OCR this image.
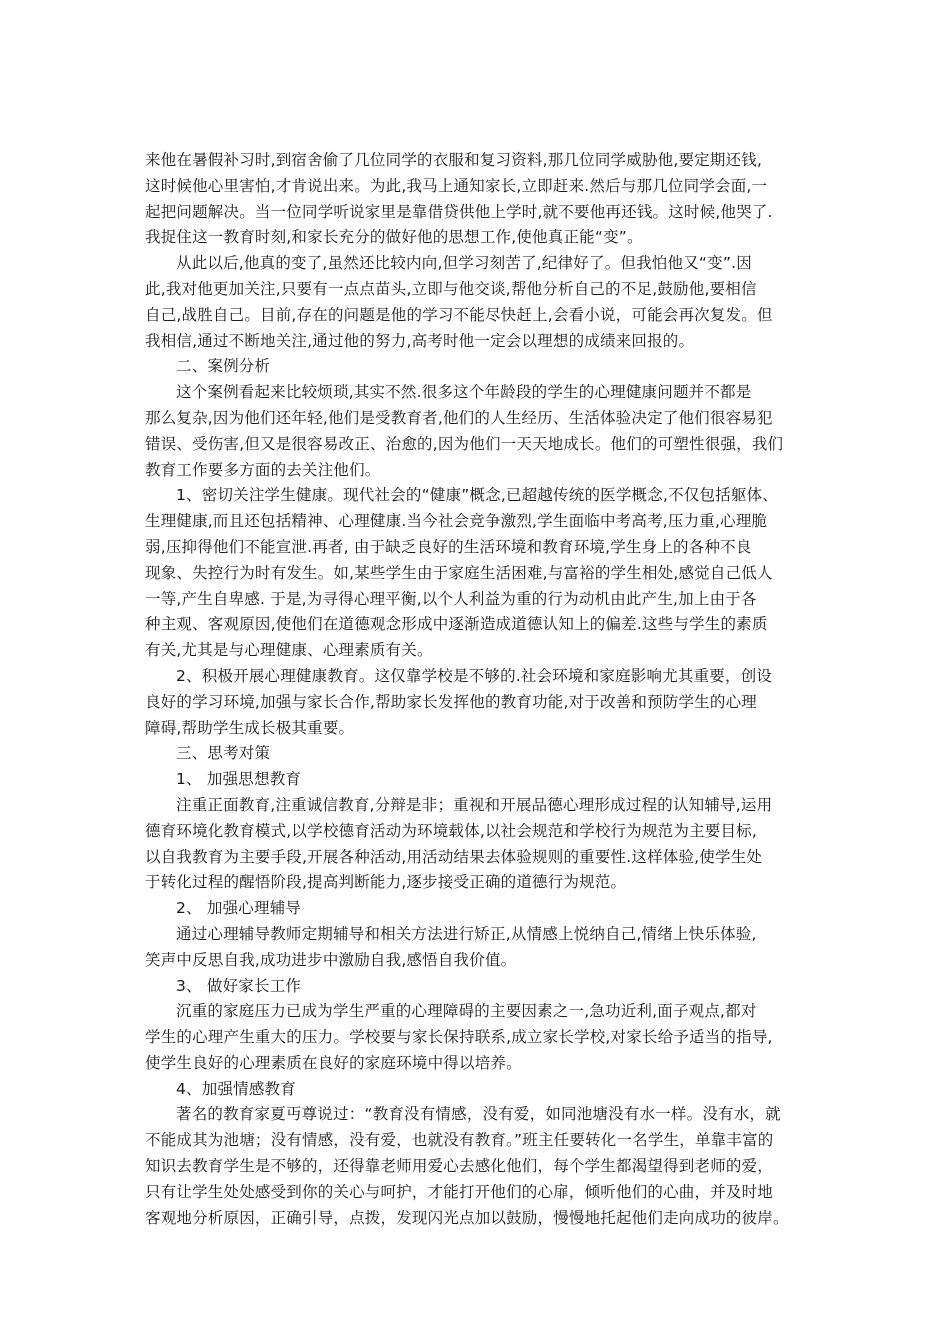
来他在暑假补习时,到宿舍偷了几位同学的衣服和复习资料,那几位同学威胁他,要定期还钱,
这时候他心里害怕,才肯说出来。为此,我马上通知家长,立即赶来.然后与那几位同学会面,一
起把问题解决。当一位同学听说家里是靠借贷供他上学时,就不要他再还钱。这时候,他哭了.
我捉住这一教育时刻,和家长充分的做好他的思想工作,使他真正能“变”。
从此以后,他真的变了,虽然还比较内向,但学习刻苦了,纪律好了。但我怕他又“变”.因
此,我对他更加关注,只要有一点点苗头,立即与他交谈,帮他分析自己的不足,鼓励他,要相信
自己,战胜自己。目前,存在的问题是他的学习不能尽快赶上,会看小说，可能会再次复发。但
我相信,通过不断地关注,通过他的努力,高考时他一定会以理想的成绩来回报的。
二、案例分析
这个案例看起来比较烦琐,其实不然.很多这个年龄段的学生的心理健康问题并不都是
那么复杂,因为他们还年轻,他们是受教育者,他们的人生经历、生活体验决定了他们很容易犯
错误、受伤害,但又是很容易改正、治愈的,因为他们一天天地成长。他们的可塑性很强，我们
教育工作要多方面的去关注他们。
1、密切关注学生健康。现代社会的“健康”概念,已超越传统的医学概念,不仅包括躯体、
生理健康,而且还包括精神、心理健康.当今社会竞争激烈,学生面临中考高考,压力重,心理脆
弱,压抑得他们不能宣泄.再者, 由于缺乏良好的生活环境和教育环境,学生身上的各种不良
现象、失控行为时有发生。如,某些学生由于家庭生活困难,与富裕的学生相处,感觉自己低人
一等,产生自卑感. 于是,为寻得心理平衡,以个人利益为重的行为动机由此产生,加上由于各
种主观、客观原因,使他们在道德观念形成中逐渐造成道德认知上的偏差.这些与学生的素质
有关,尤其是与心理健康、心理素质有关。
2、积极开展心理健康教育。这仅靠学校是不够的.社会环境和家庭影响尤其重要，创设
良好的学习环境,加强与家长合作,帮助家长发挥他的教育功能,对于改善和预防学生的心理
障碍,帮助学生成长极其重要。
三、思考对策
1、 加强思想教育
注重正面教育,注重诚信教育,分辩是非；重视和开展品德心理形成过程的认知辅导,运用
德育环境化教育模式,以学校德育活动为环境载体,以社会规范和学校行为规范为主要目标,
以自我教育为主要手段,开展各种活动,用活动结果去体验规则的重要性.这样体验,使学生处
于转化过程的醒悟阶段,提高判断能力,逐步接受正确的道德行为规范。
2、 加强心理辅导
通过心理辅导教师定期辅导和相关方法进行矫正,从情感上悦纳自己,情绪上快乐体验,
笑声中反思自我,成功进步中激励自我,感悟自我价值。
3、 做好家长工作
沉重的家庭压力已成为学生严重的心理障碍的主要因素之一,急功近利,面子观点,都对
学生的心理产生重大的压力。学校要与家长保持联系,成立家长学校,对家长给予适当的指导,
使学生良好的心理素质在良好的家庭环境中得以培养。
4、加强情感教育
著名的教育家夏丏尊说过：“教育没有情感，没有爱，如同池塘没有水一样。没有水，就
不能成其为池塘；没有情感，没有爱，也就没有教育。”班主任要转化一名学生，单靠丰富的
知识去教育学生是不够的，还得靠老师用爱心去感化他们，每个学生都渴望得到老师的爱，
只有让学生处处感受到你的关心与呵护，才能打开他们的心扉，倾听他们的心曲，并及时地
客观地分析原因，正确引导，点拨，发现闪光点加以鼓励，慢慢地托起他们走向成功的彼岸。
